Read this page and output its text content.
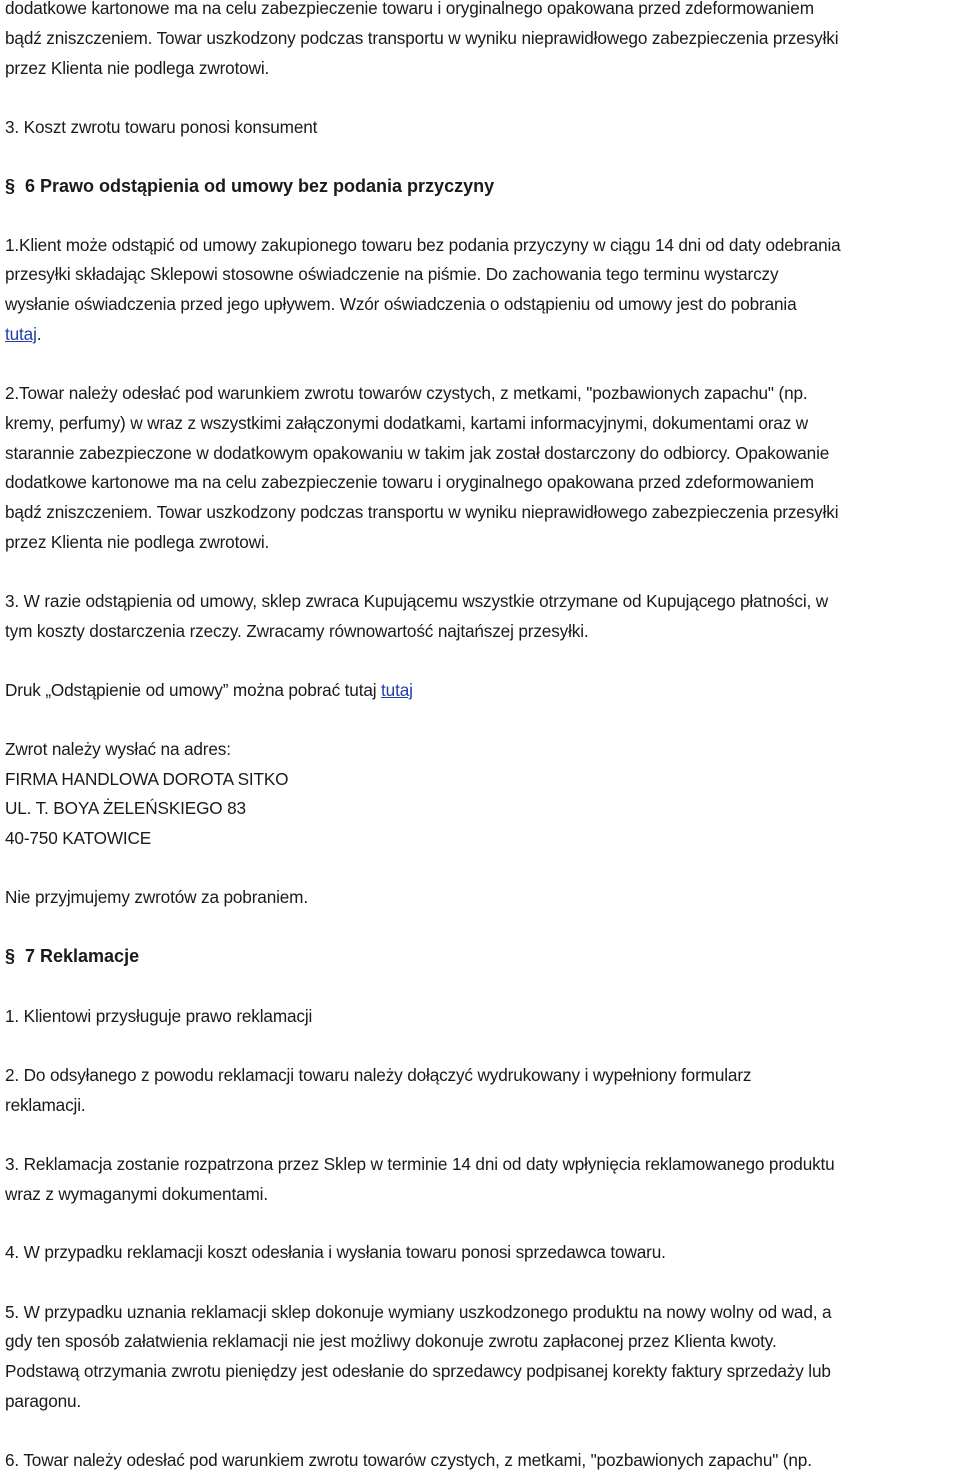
dodatkowe kartonowe ma na celu zabezpieczenie towaru i oryginalnego opakowana przed zdeformowaniem
bądź zniszczeniem. Towar uszkodzony podczas transportu w wyniku nieprawidłowego zabezpieczenia przesyłki
przez Klienta nie podlega zwrotowi.
3. Koszt zwrotu towaru ponosi konsument
§ 6 Prawo odstąpienia od umowy bez podania przyczyny
1.Klient może odstąpić od umowy zakupionego towaru bez podania przyczyny w ciągu 14 dni od daty odebrania
przesyłki składając Sklepowi stosowne oświadczenie na piśmie. Do zachowania tego terminu wystarczy
wysłanie oświadczenia przed jego upływem. Wzór oświadczenia o odstąpieniu od umowy jest do pobrania
tutaj.
2.Towar należy odesłać pod warunkiem zwrotu towarów czystych, z metkami, "pozbawionych zapachu" (np.
kremy, perfumy) w wraz z wszystkimi załączonymi dodatkami, kartami informacyjnymi, dokumentami oraz w
starannie zabezpieczone w dodatkowym opakowaniu w takim jak został dostarczony do odbiorcy. Opakowanie
dodatkowe kartonowe ma na celu zabezpieczenie towaru i oryginalnego opakowana przed zdeformowaniem
bądź zniszczeniem. Towar uszkodzony podczas transportu w wyniku nieprawidłowego zabezpieczenia przesyłki
przez Klienta nie podlega zwrotowi.
3. W razie odstąpienia od umowy, sklep zwraca Kupującemu wszystkie otrzymane od Kupującego płatności, w
tym koszty dostarczenia rzeczy. Zwracamy równowartość najtańszej przesyłki.
Druk „Odstąpienie od umowy” można pobrać tutaj tutaj
Zwrot należy wysłać na adres:
FIRMA HANDLOWA DOROTA SITKO
UL. T. BOYA ŻELEŃSKIEGO 83
40-750 KATOWICE
Nie przyjmujemy zwrotów za pobraniem.
§ 7 Reklamacje
1. Klientowi przysługuje prawo reklamacji
2. Do odsyłanego z powodu reklamacji towaru należy dołączyć wydrukowany i wypełniony formularz
reklamacji.
3. Reklamacja zostanie rozpatrzona przez Sklep w terminie 14 dni od daty wpłynięcia reklamowanego produktu
wraz z wymaganymi dokumentami.
4. W przypadku reklamacji koszt odesłania i wysłania towaru ponosi sprzedawca towaru.
5. W przypadku uznania reklamacji sklep dokonuje wymiany uszkodzonego produktu na nowy wolny od wad, a
gdy ten sposób załatwienia reklamacji nie jest możliwy dokonuje zwrotu zapłaconej przez Klienta kwoty.
Podstawą otrzymania zwrotu pieniędzy jest odesłanie do sprzedawcy podpisanej korekty faktury sprzedaży lub
paragonu.
6. Towar należy odesłać pod warunkiem zwrotu towarów czystych, z metkami, "pozbawionych zapachu" (np.
